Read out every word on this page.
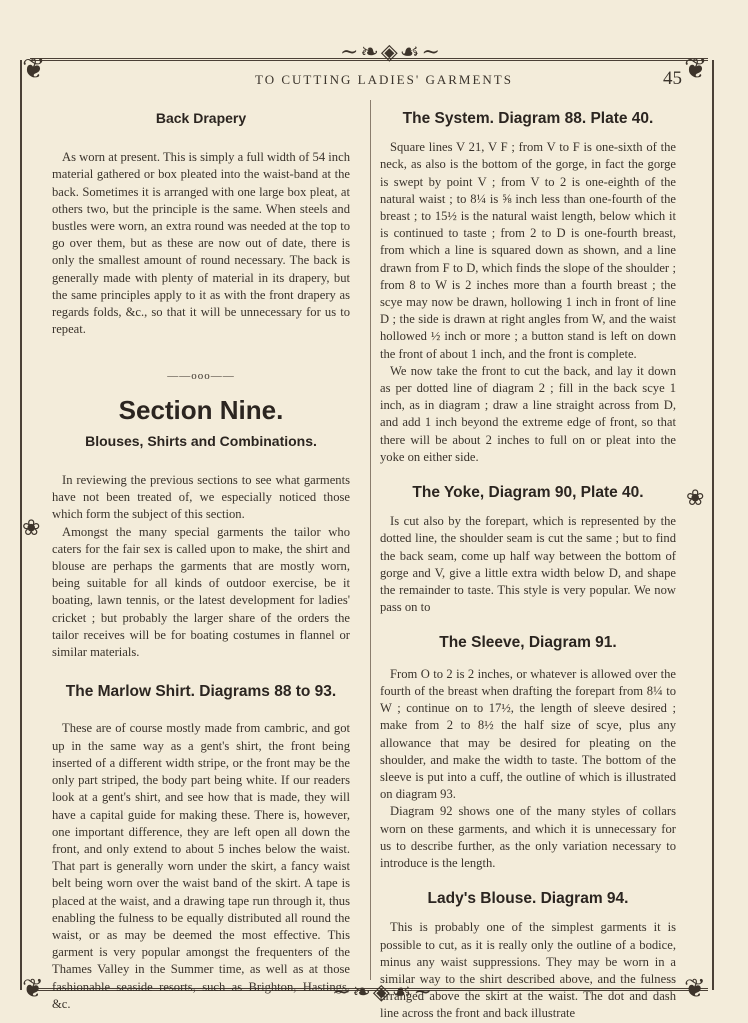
❦	❦
❦	❦
~❧◈☙~
~❧◈☙~
❀
❀
TO CUTTING LADIES' GARMENTS	45
Back Drapery

As worn at present. This is simply a full width of 54 inch material gathered or box pleated into the waist-band at the back. Sometimes it is arranged with one large box pleat, at others two, but the principle is the same. When steels and bustles were worn, an extra round was needed at the top to go over them, but as these are now out of date, there is only the smallest amount of round necessary. The back is generally made with plenty of material in its drapery, but the same principles apply to it as with the front drapery as regards folds, &c., so that it will be unnecessary for us to repeat.

——ooo——
Section Nine.
Blouses, Shirts and Combinations.

In reviewing the previous sections to see what garments have not been treated of, we especially noticed those which form the subject of this section.

Amongst the many special garments the tailor who caters for the fair sex is called upon to make, the shirt and blouse are perhaps the garments that are mostly worn, being suitable for all kinds of outdoor exercise, be it boating, lawn tennis, or the latest development for ladies' cricket ; but probably the larger share of the orders the tailor receives will be for boating costumes in flannel or similar materials.

The Marlow Shirt. Diagrams 88 to 93.

These are of course mostly made from cambric, and got up in the same way as a gent's shirt, the front being inserted of a different width stripe, or the front may be the only part striped, the body part being white. If our readers look at a gent's shirt, and see how that is made, they will have a capital guide for making these. There is, however, one important difference, they are left open all down the front, and only extend to about 5 inches below the waist. That part is generally worn under the skirt, a fancy waist belt being worn over the waist band of the skirt. A tape is placed at the waist, and a drawing tape run through it, thus enabling the fulness to be equally distributed all round the waist, or as may be deemed the most effective. This garment is very popular amongst the frequenters of the Thames Valley in the Summer time, as well as at those fashionable seaside resorts, such as Brighton, Hastings, &c.

The System. Diagram 88. Plate 40.

Square lines V 21, V F ; from V to F is one-sixth of the neck, as also is the bottom of the gorge, in fact the gorge is swept by point V ; from V to 2 is one-eighth of the natural waist ; to 8¼ is ⅝ inch less than one-fourth of the breast ; to 15½ is the natural waist length, below which it is continued to taste ; from 2 to D is one-fourth breast, from which a line is squared down as shown, and a line drawn from F to D, which finds the slope of the shoulder ; from 8 to W is 2 inches more than a fourth breast ; the scye may now be drawn, hollowing 1 inch in front of line D ; the side is drawn at right angles from W, and the waist hollowed ½ inch or more ; a button stand is left on down the front of about 1 inch, and the front is complete.

We now take the front to cut the back, and lay it down as per dotted line of diagram 2 ; fill in the back scye 1 inch, as in diagram ; draw a line straight across from D, and add 1 inch beyond the extreme edge of front, so that there will be about 2 inches to full on or pleat into the yoke on either side.

The Yoke, Diagram 90, Plate 40.

Is cut also by the forepart, which is represented by the dotted line, the shoulder seam is cut the same ; but to find the back seam, come up half way between the bottom of gorge and V, give a little extra width below D, and shape the remainder to taste. This style is very popular. We now pass on to

The Sleeve, Diagram 91.

From O to 2 is 2 inches, or whatever is allowed over the fourth of the breast when drafting the forepart from 8¼ to W ; continue on to 17½, the length of sleeve desired ; make from 2 to 8½ the half size of scye, plus any allowance that may be desired for pleating on the shoulder, and make the width to taste. The bottom of the sleeve is put into a cuff, the outline of which is illustrated on diagram 93.

Diagram 92 shows one of the many styles of collars worn on these garments, and which it is unnecessary for us to describe further, as the only variation necessary to introduce is the length.

Lady's Blouse. Diagram 94.

This is probably one of the simplest garments it is possible to cut, as it is really only the outline of a bodice, minus any waist suppressions. They may be worn in a similar way to the shirt described above, and the fulness arranged above the skirt at the waist. The dot and dash line across the front and back illustrate
